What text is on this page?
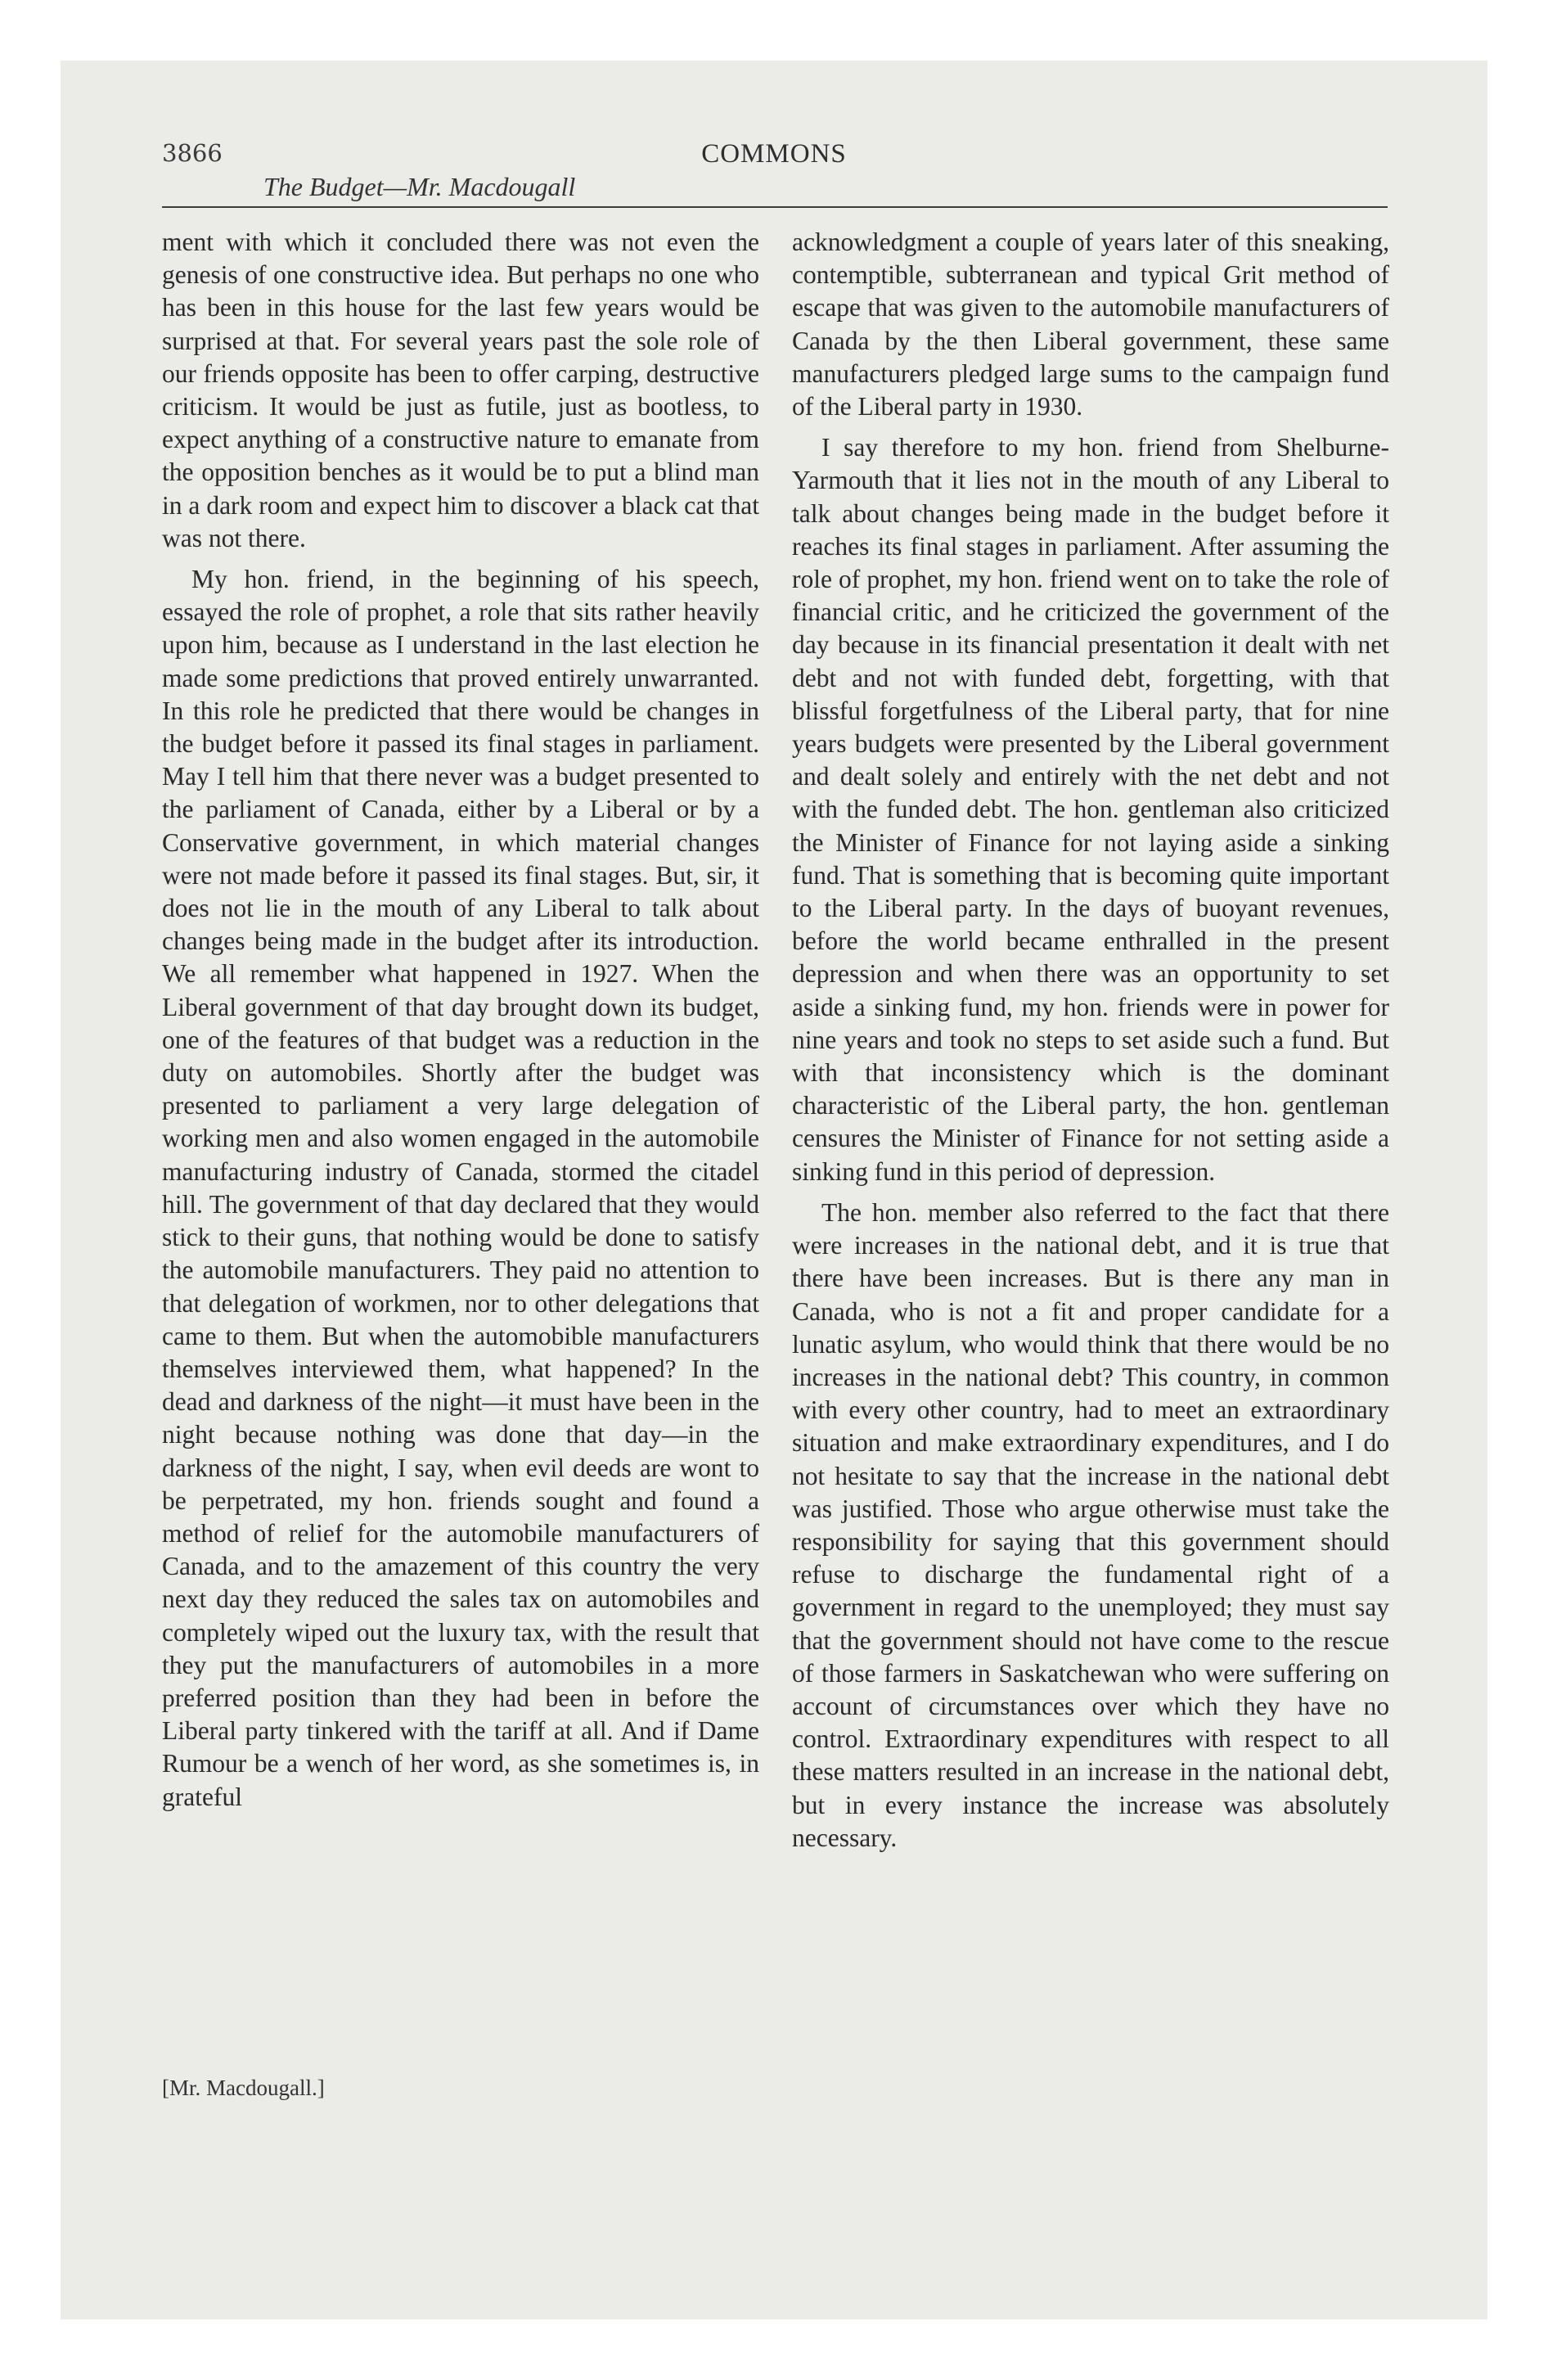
3866	COMMONS
The Budget—Mr. Macdougall

ment with which it concluded there was not even the genesis of one constructive idea. But perhaps no one who has been in this house for the last few years would be surprised at that. For several years past the sole role of our friends opposite has been to offer carping, destructive criticism. It would be just as futile, just as bootless, to expect anything of a constructive nature to emanate from the opposition benches as it would be to put a blind man in a dark room and expect him to discover a black cat that was not there.

My hon. friend, in the beginning of his speech, essayed the role of prophet, a role that sits rather heavily upon him, because as I understand in the last election he made some predictions that proved entirely unwarranted. In this role he predicted that there would be changes in the budget before it passed its final stages in parliament. May I tell him that there never was a budget presented to the parliament of Canada, either by a Liberal or by a Conservative government, in which material changes were not made before it passed its final stages. But, sir, it does not lie in the mouth of any Liberal to talk about changes being made in the budget after its introduction. We all remember what happened in 1927. When the Liberal government of that day brought down its budget, one of the features of that budget was a reduction in the duty on automobiles. Shortly after the budget was presented to parliament a very large delegation of working men and also women engaged in the automobile manufacturing industry of Canada, stormed the citadel hill. The government of that day declared that they would stick to their guns, that nothing would be done to satisfy the automobile manufacturers. They paid no attention to that delegation of workmen, nor to other delegations that came to them. But when the automobible manufacturers themselves interviewed them, what happened? In the dead and darkness of the night—it must have been in the night because nothing was done that day—in the darkness of the night, I say, when evil deeds are wont to be perpetrated, my hon. friends sought and found a method of relief for the automobile manufacturers of Canada, and to the amazement of this country the very next day they reduced the sales tax on automobiles and completely wiped out the luxury tax, with the result that they put the manufacturers of automobiles in a more preferred position than they had been in before the Liberal party tinkered with the tariff at all. And if Dame Rumour be a wench of her word, as she sometimes is, in grateful

acknowledgment a couple of years later of this sneaking, contemptible, subterranean and typical Grit method of escape that was given to the automobile manufacturers of Canada by the then Liberal government, these same manufacturers pledged large sums to the campaign fund of the Liberal party in 1930.

I say therefore to my hon. friend from Shelburne-Yarmouth that it lies not in the mouth of any Liberal to talk about changes being made in the budget before it reaches its final stages in parliament. After assuming the role of prophet, my hon. friend went on to take the role of financial critic, and he criticized the government of the day because in its financial presentation it dealt with net debt and not with funded debt, forgetting, with that blissful forgetfulness of the Liberal party, that for nine years budgets were presented by the Liberal government and dealt solely and entirely with the net debt and not with the funded debt. The hon. gentleman also criticized the Minister of Finance for not laying aside a sinking fund. That is something that is becoming quite important to the Liberal party. In the days of buoyant revenues, before the world became enthralled in the present depression and when there was an opportunity to set aside a sinking fund, my hon. friends were in power for nine years and took no steps to set aside such a fund. But with that inconsistency which is the dominant characteristic of the Liberal party, the hon. gentleman censures the Minister of Finance for not setting aside a sinking fund in this period of depression.

The hon. member also referred to the fact that there were increases in the national debt, and it is true that there have been increases. But is there any man in Canada, who is not a fit and proper candidate for a lunatic asylum, who would think that there would be no increases in the national debt? This country, in common with every other country, had to meet an extraordinary situation and make extraordinary expenditures, and I do not hesitate to say that the increase in the national debt was justified. Those who argue otherwise must take the responsibility for saying that this government should refuse to discharge the fundamental right of a government in regard to the unemployed; they must say that the government should not have come to the rescue of those farmers in Saskatchewan who were suffering on account of circumstances over which they have no control. Extraordinary expenditures with respect to all these matters resulted in an increase in the national debt, but in every instance the increase was absolutely necessary.

[Mr. Macdougall.]
